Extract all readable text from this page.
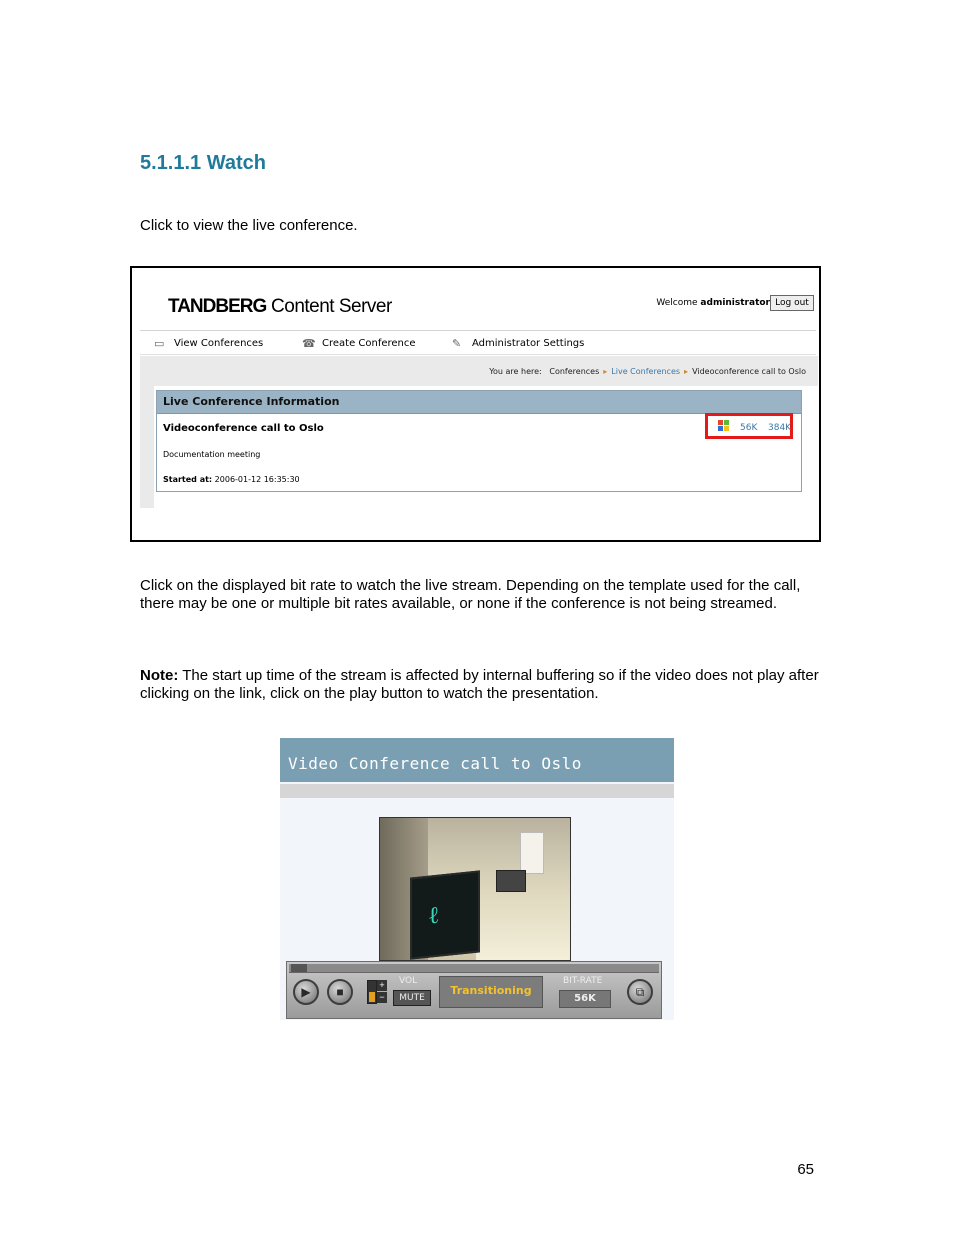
5.1.1.1 Watch

Click to view the live conference.

TANDBERG Content Server	Welcome administrator Log out
▭ View Conferences	☎ Create Conference	✎	Administrator Settings
You are here: Conferences ▸ Live Conferences ▸ Videoconference call to Oslo
Live Conference Information
Videoconference call to Oslo
Documentation meeting
Started at: 2006-01-12 16:35:30
56K 384K

Click on the displayed bit rate to watch the live stream. Depending on the template used for the call, there may be one or multiple bit rates available, or none if the conference is not being streamed.

Note: The start up time of the stream is affected by internal buffering so if the video does not play after clicking on the link, click on the play button to watch the presentation.

Video Conference call to Oslo
ℓ
▶	■	+
−
VOL
MUTE
Transitioning
BIT-RATE
56K	⧉
65
